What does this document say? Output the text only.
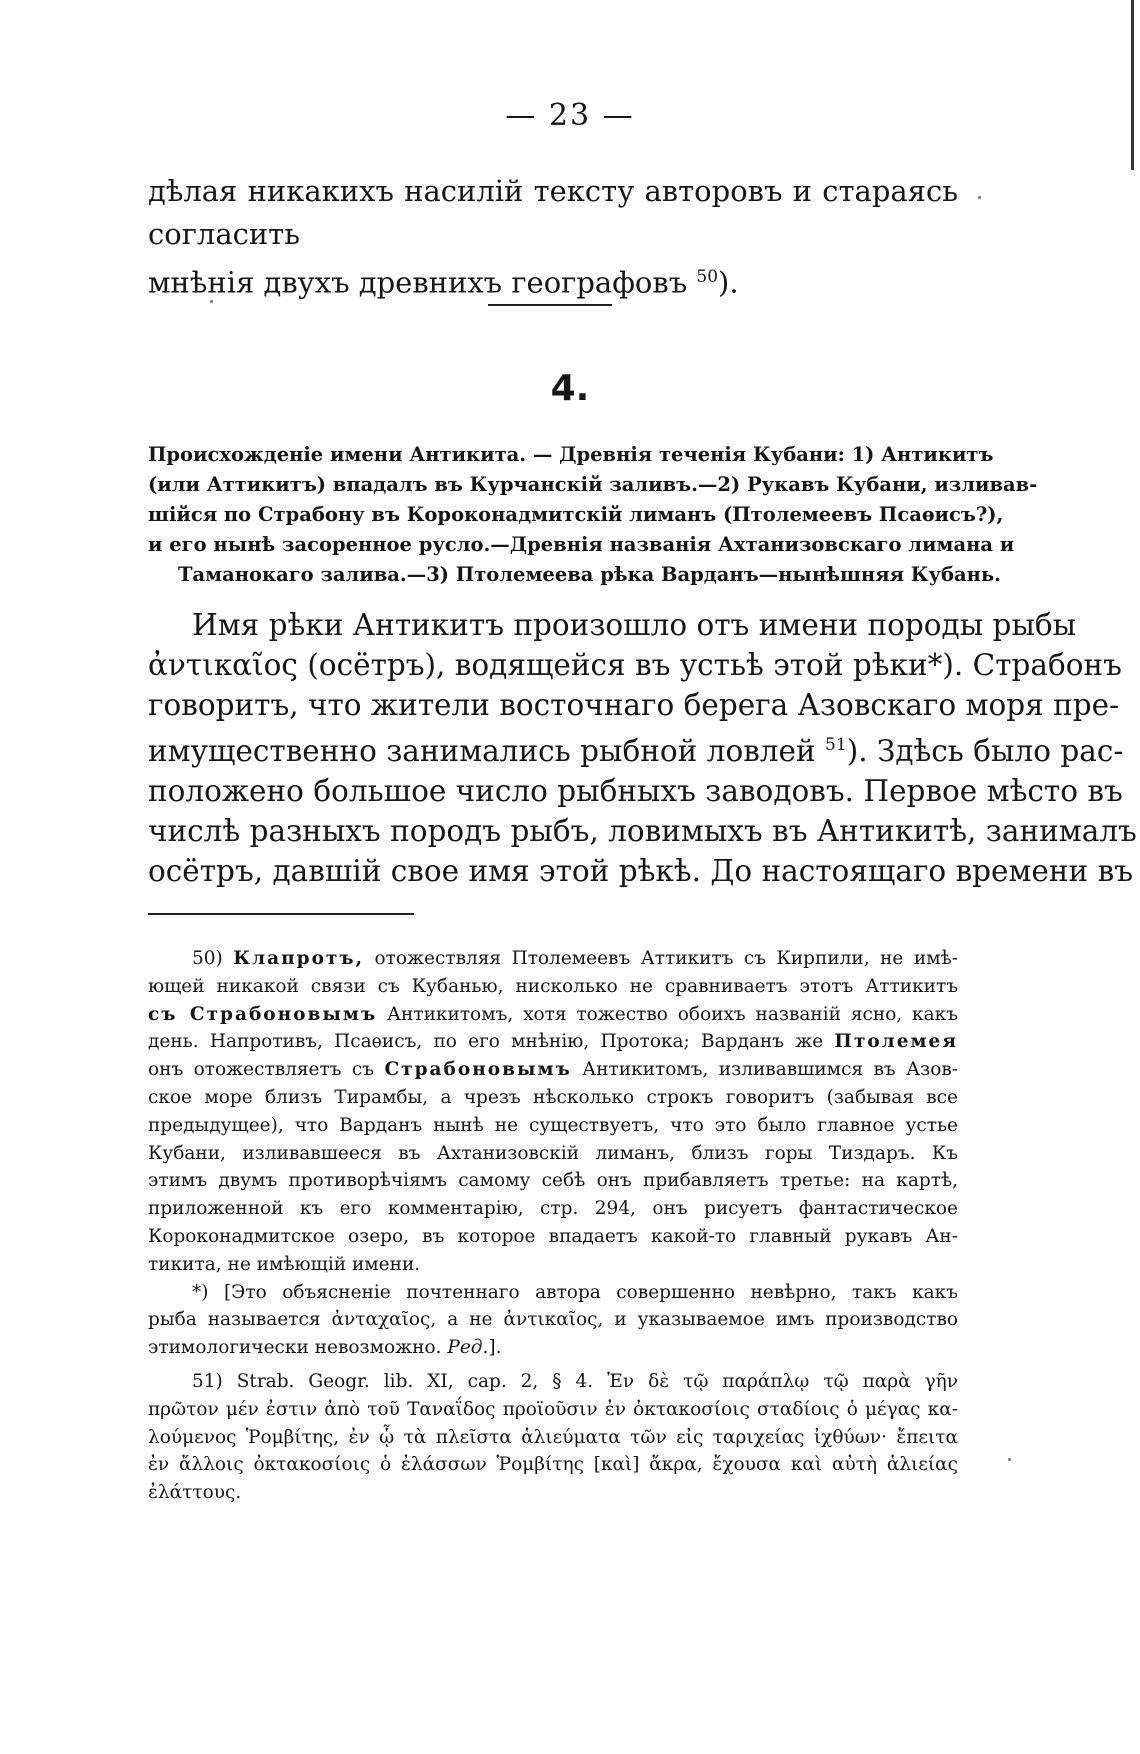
— 23 —
дѣлая никакихъ насилій тексту авторовъ и стараясь согласить
мнѣнія двухъ древнихъ географовъ $^{50}$).
4.
Происхожденіе имени Антикита. — Древнія теченія Кубани: 1) Антикитъ
(или Аттикитъ) впадалъ въ Курчанскій заливъ.—2) Рукавъ Кубани, изливав-
шійся по Страбону въ Короконадмитскій лиманъ (Птолемеевъ Псаѳисъ?),
и его нынѣ засоренное русло.—Древнія названія Ахтанизовскаго лимана и
Таманокаго залива.—3) Птолемеева рѣка Варданъ—нынѣшняя Кубань.
Имя рѣки Антикитъ произошло отъ имени породы рыбы
ἀντικαῖος (осётръ), водящейся въ устьѣ этой рѣки*). Страбонъ
говоритъ, что жители восточнаго берега Азовскаго моря пре-
имущественно занимались рыбной ловлей $^{51}$). Здѣсь было рас-
положено большое число рыбныхъ заводовъ. Первое мѣсто въ
числѣ разныхъ породъ рыбъ, ловимыхъ въ Антикитѣ, занималъ
осётръ, давшій свое имя этой рѣкѣ. До настоящаго времени въ
50) Клапротъ, отожествляя Птолемеевъ Аттикитъ съ Кирпили, не имѣ-
ющей никакой связи съ Кубанью, нисколько не сравниваетъ этотъ Аттикитъ
съ Страбоновымъ Антикитомъ, хотя тожество обоихъ названій ясно, какъ
день. Напротивъ, Псаѳисъ, по его мнѣнію, Протока; Варданъ же Птолемея
онъ отожествляетъ съ Страбоновымъ Антикитомъ, изливавшимся въ Азов-
ское море близъ Тирамбы, а чрезъ нѣсколько строкъ говоритъ (забывая все
предыдущее), что Варданъ нынѣ не существуетъ, что это было главное устье
Кубани, изливавшееся въ Ахтанизовскій лиманъ, близъ горы Тиздаръ. Къ
этимъ двумъ противорѣчіямъ самому себѣ онъ прибавляетъ третье: на картѣ,
приложенной къ его комментарію, стр. 294, онъ рисуетъ фантастическое
Короконадмитское озеро, въ которое впадаетъ какой-то главный рукавъ Ан-
тикита, не имѣющій имени.
*) [Это объясненіе почтеннаго автора совершенно невѣрно, такъ какъ
рыба называется ἀνταχαῖος, а не ἀντικαῖος, и указываемое имъ производство
этимологически невозможно. Ред.].
51) Strab. Geogr. lib. XI, cap. 2, § 4. Ἐν δὲ τῷ παράπλῳ τῷ παρὰ γῆν
πρῶτον μέν ἐστιν ἀπὸ τοῦ Ταναΐδος προϊοῦσιν ἐν ὀκτακοσίοις σταδίοις ὁ μέγας κα-
λούμενος Ῥομβίτης, ἐν ᾧ τὰ πλεῖστα ἁλιεύματα τῶν εἰς ταριχείας ἰχθύων· ἔπειτα
ἐν ἄλλοις ὀκτακοσίοις ὁ ἐλάσσων Ῥομβίτης [καὶ] ἄκρα, ἔχουσα καὶ αὐτὴ ἁλιείας
ἐλάττους.
